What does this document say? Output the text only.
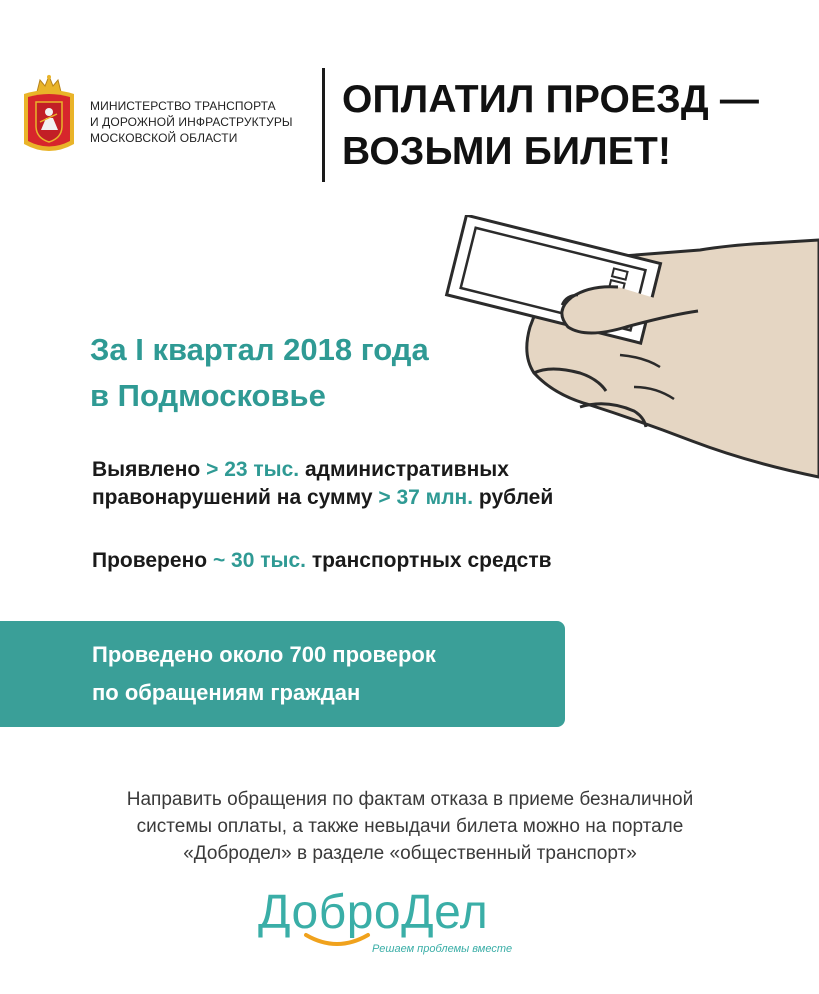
МИНИСТЕРСТВО ТРАНСПОРТА
И ДОРОЖНОЙ ИНФРАСТРУКТУРЫ
МОСКОВСКОЙ ОБЛАСТИ
ОПЛАТИЛ ПРОЕЗД —
ВОЗЬМИ БИЛЕТ!
За I квартал 2018 года
в Подмосковье
Выявлено > 23 тыс. административных
правонарушений на сумму > 37 млн. рублей
Проверено ~ 30 тыс. транспортных средств
Проведено около 700 проверок
по обращениям граждан
Направить обращения по фактам отказа в приеме безналичной
системы оплаты, а также невыдачи билета можно на портале
«Добродел» в разделе «общественный транспорт»
ДоброДел
Решаем проблемы вместе
